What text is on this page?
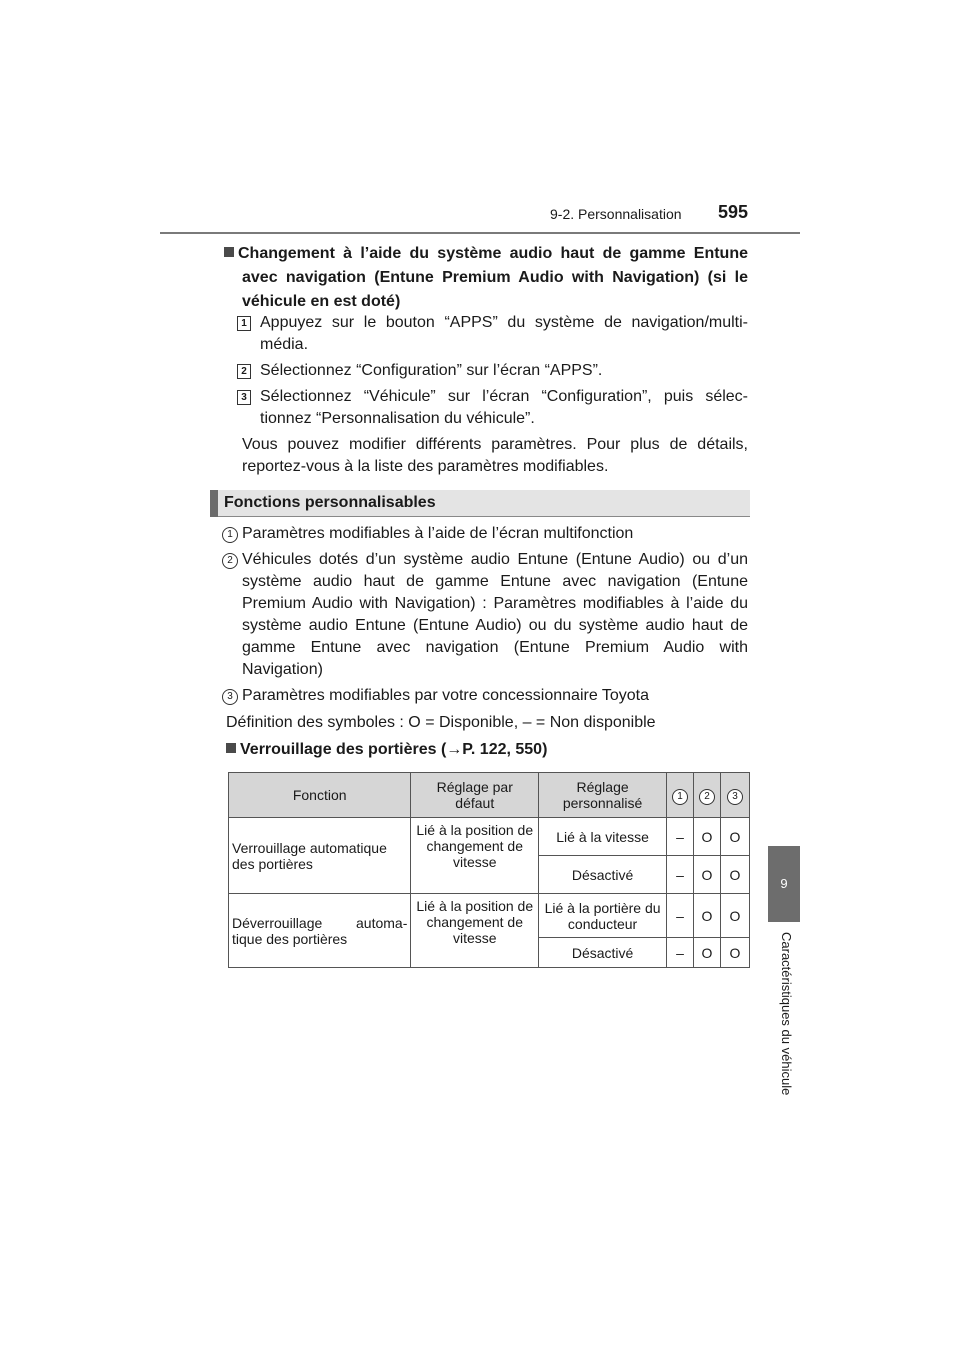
9-2. Personnalisation 595
9
Caractéristiques du véhicule
Changement à l’aide du système audio haut de gamme Entune avec navigation (Entune Premium Audio with Navigation) (si le véhicule en est doté)
1 Appuyez sur le bouton “APPS” du système de navigation/multi-média.
2 Sélectionnez “Configuration” sur l’écran “APPS”.
3 Sélectionnez “Véhicule” sur l’écran “Configuration”, puis sélec-tionnez “Personnalisation du véhicule”.
Vous pouvez modifier différents paramètres. Pour plus de détails, reportez-vous à la liste des paramètres modifiables.
Fonctions personnalisables
1 Paramètres modifiables à l’aide de l’écran multifonction
2 Véhicules dotés d’un système audio Entune (Entune Audio) ou d’un système audio haut de gamme Entune avec navigation (Entune Premium Audio with Navigation) : Paramètres modifiables à l’aide du système audio Entune (Entune Audio) ou du système audio haut de gamme Entune avec navigation (Entune Premium Audio with Navigation)
3 Paramètres modifiables par votre concessionnaire Toyota
Définition des symboles : O = Disponible, – = Non disponible
Verrouillage des portières (→P. 122, 550)
Fonction	Réglage par défaut	Réglage personnalisé	1	2	3
Verrouillage automatique des portières	Lié à la position de changement de vitesse	Lié à la vitesse	–	O	O
		Désactivé	–	O	O
Déverrouillage automa-tique des portières	Lié à la position de changement de vitesse	Lié à la portière du conducteur	–	O	O
		Désactivé	–	O	O
